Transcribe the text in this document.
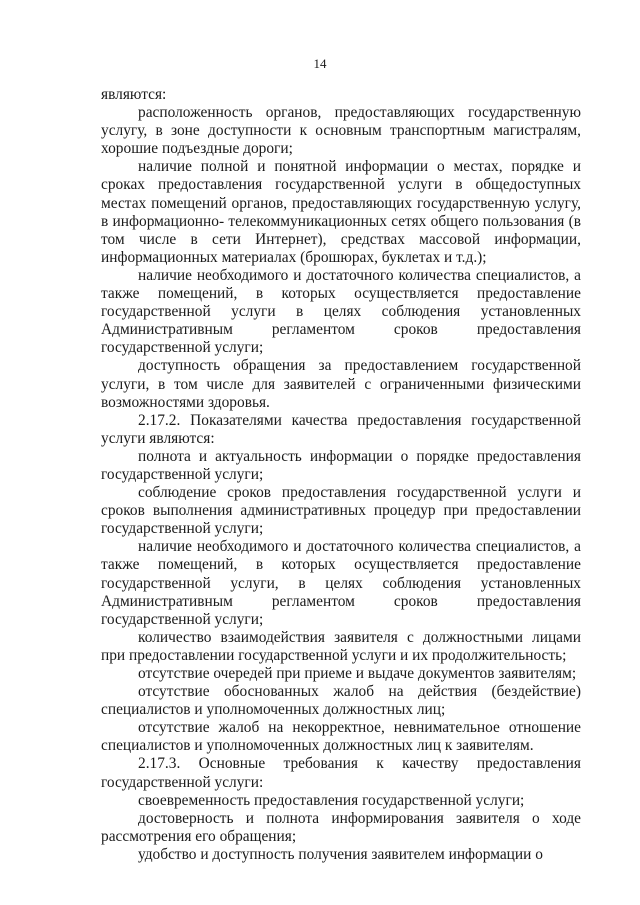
14

являются:

расположенность органов, предоставляющих государственную услугу, в зоне доступности к основным транспортным магистралям, хорошие подъездные дороги;

наличие полной и понятной информации о местах, порядке и сроках предоставления государственной услуги в общедоступных местах помещений органов, предоставляющих государственную услугу, в информационно- телекоммуникационных сетях общего пользования (в том числе в сети Интернет), средствах массовой информации, информационных материалах (брошюрах, буклетах и т.д.);

наличие необходимого и достаточного количества специалистов, а также помещений, в которых осуществляется предоставление государственной услуги в целях соблюдения установленных Административным регламентом сроков предоставления государственной услуги;

доступность обращения за предоставлением государственной услуги, в том числе для заявителей с ограниченными физическими возможностями здоровья.

2.17.2. Показателями качества предоставления государственной услуги являются:

полнота и актуальность информации о порядке предоставления государственной услуги;

соблюдение сроков предоставления государственной услуги и сроков выполнения административных процедур при предоставлении государственной услуги;

наличие необходимого и достаточного количества специалистов, а также помещений, в которых осуществляется предоставление государственной услуги, в целях соблюдения установленных Административным регламентом сроков предоставления государственной услуги;

количество взаимодействия заявителя с должностными лицами при предоставлении государственной услуги и их продолжительность;

отсутствие очередей при приеме и выдаче документов заявителям;

отсутствие обоснованных жалоб на действия (бездействие) специалистов и уполномоченных должностных лиц;

отсутствие жалоб на некорректное, невнимательное отношение специалистов и уполномоченных должностных лиц к заявителям.

2.17.3. Основные требования к качеству предоставления государственной услуги:

своевременность предоставления государственной услуги;

достоверность и полнота информирования заявителя о ходе рассмотрения его обращения;

удобство и доступность получения заявителем информации о
